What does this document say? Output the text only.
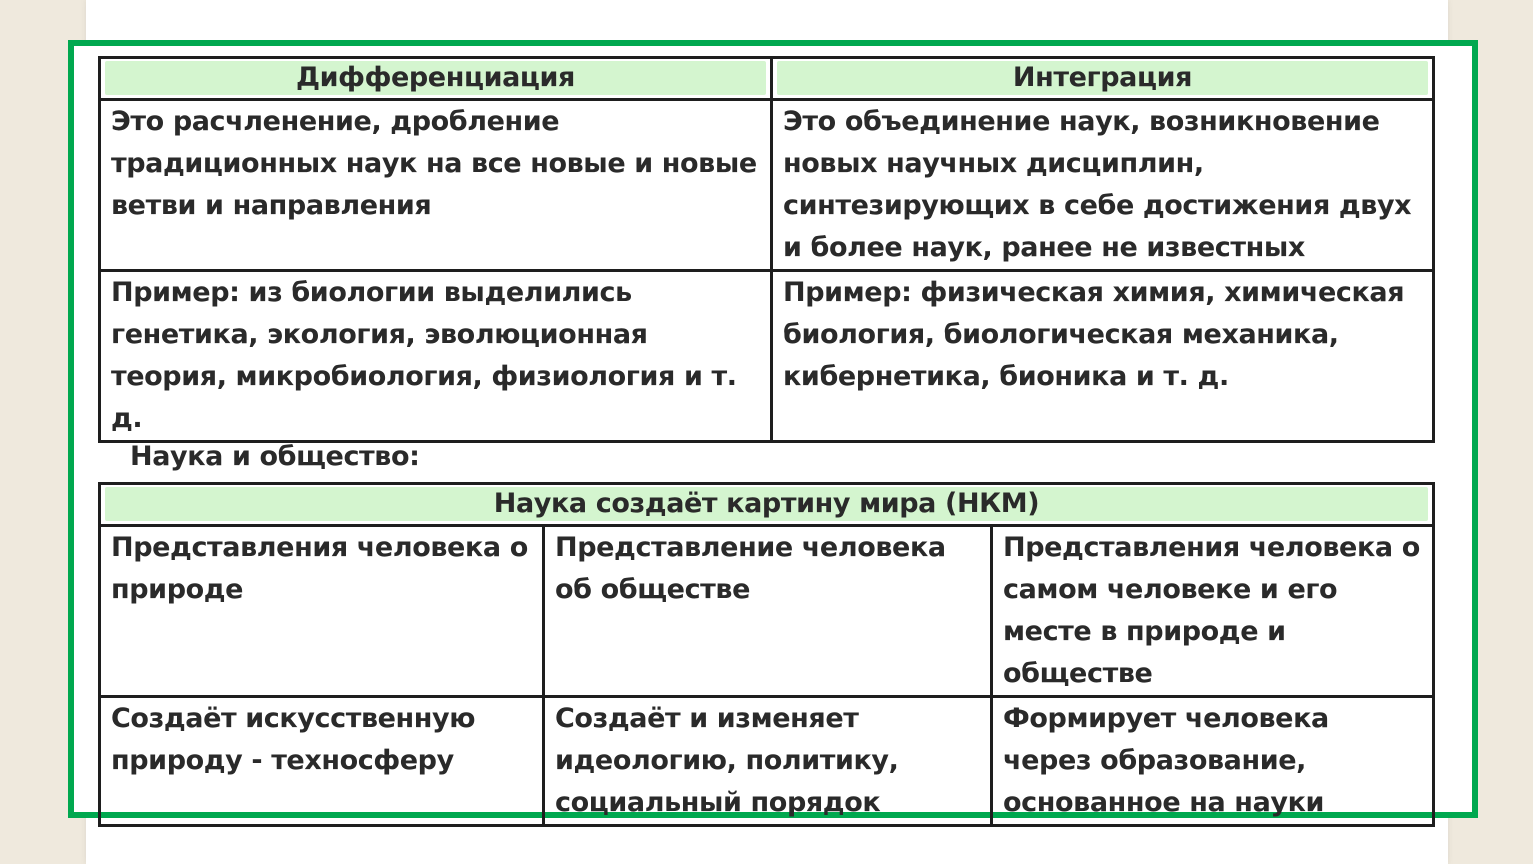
Дифференциация	Интеграция

Это расчленение, дробление традиционных наук на все новые и новые ветви и направления	Это объединение наук, возникновение новых научных дисциплин, синтезирующих в себе достижения двух и более наук, ранее не известных
Пример: из биологии выделились генетика, экология, эволюционная теория, микробиология, физиология и т. д.	Пример: физическая химия, химическая биология, биологическая механика, кибернетика, бионика и т. д.
Наука и общество:
Наука создаёт картину мира (НКМ)		

Представления человека о природе	Представление человека об обществе	Представления человека о самом человеке и его месте в природе и обществе
Создаёт искусственную природу - техносферу	Создаёт и изменяет идеологию, политику, социальный порядок	Формирует человека через образование, основанное на науки
